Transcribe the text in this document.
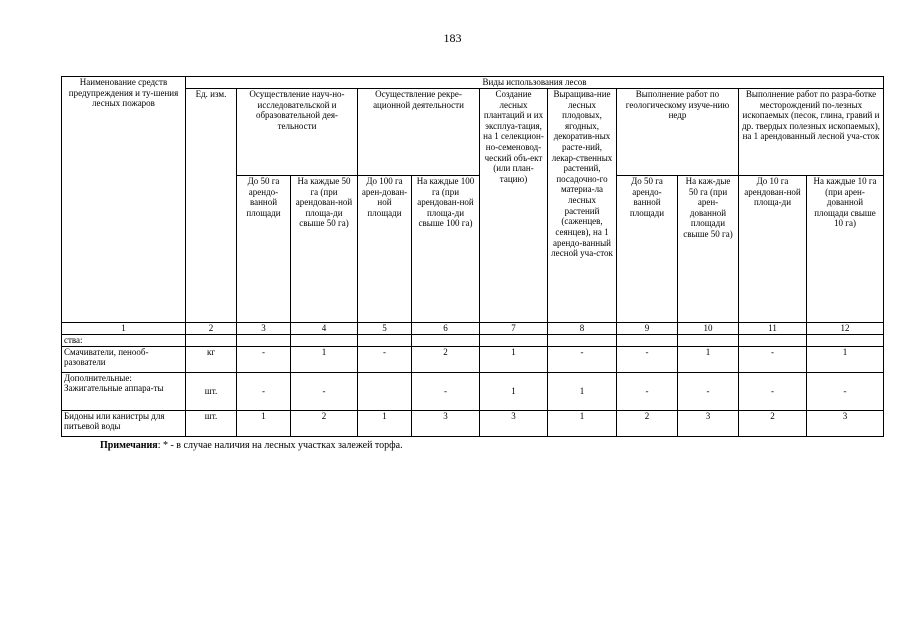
183
Наименование средств предупреждения и ту-шения лесных пожаров	Виды использования лесов										
	Ед. изм.	Осуществление науч-но-исследовательской и образовательной дея-тельности		Осуществление рекре-ационной деятельности		Создание лесных плантаций и их эксплуа-тация, на 1 селекцион-но-семеновод-ческий объ-ект (или план-тацию)	Выращива-ние лесных плодовых, ягодных, декоратив-ных расте-ний, лекар-ственных растений, посадочно-го материа-ла лесных растений (саженцев, сеянцев), на 1 арендо-ванный лесной уча-сток	Выполнение работ по геологическому изуче-нию недр		Выполнение работ по разра-ботке месторождений по-лезных ископаемых (песок, глина, гравий и др. твердых полезных ископаемых), на 1 арендованный лесной уча-сток	
		До 50 га арендо-ванной площади	На каждые 50 га (при арендован-ной площа-ди свыше 50 га)	До 100 га арен-дован-ной площади	На каждые 100 га (при арендован-ной площа-ди свыше 100 га)			До 50 га арендо-ванной площади	На каж-дые 50 га (при арен-дованной площади свыше 50 га)	До 10 га арендован-ной площа-ди	На каждые 10 га (при арен-дованной площади свыше 10 га)
1	2	3	4	5	6	7	8	9	10	11	12
ства:											
Смачиватели, пенооб-разователи	кг	-	1	-	2	1	-	-	1	-	1
Дополнительные: Зажигательные аппара-ты	шт.	-	-		-	1	1	-	-	-	-
Бидоны или канистры для питьевой воды	шт.	1	2	1	3	3	1	2	3	2	3
Примечания: * - в случае наличия на лесных участках залежей торфа.
